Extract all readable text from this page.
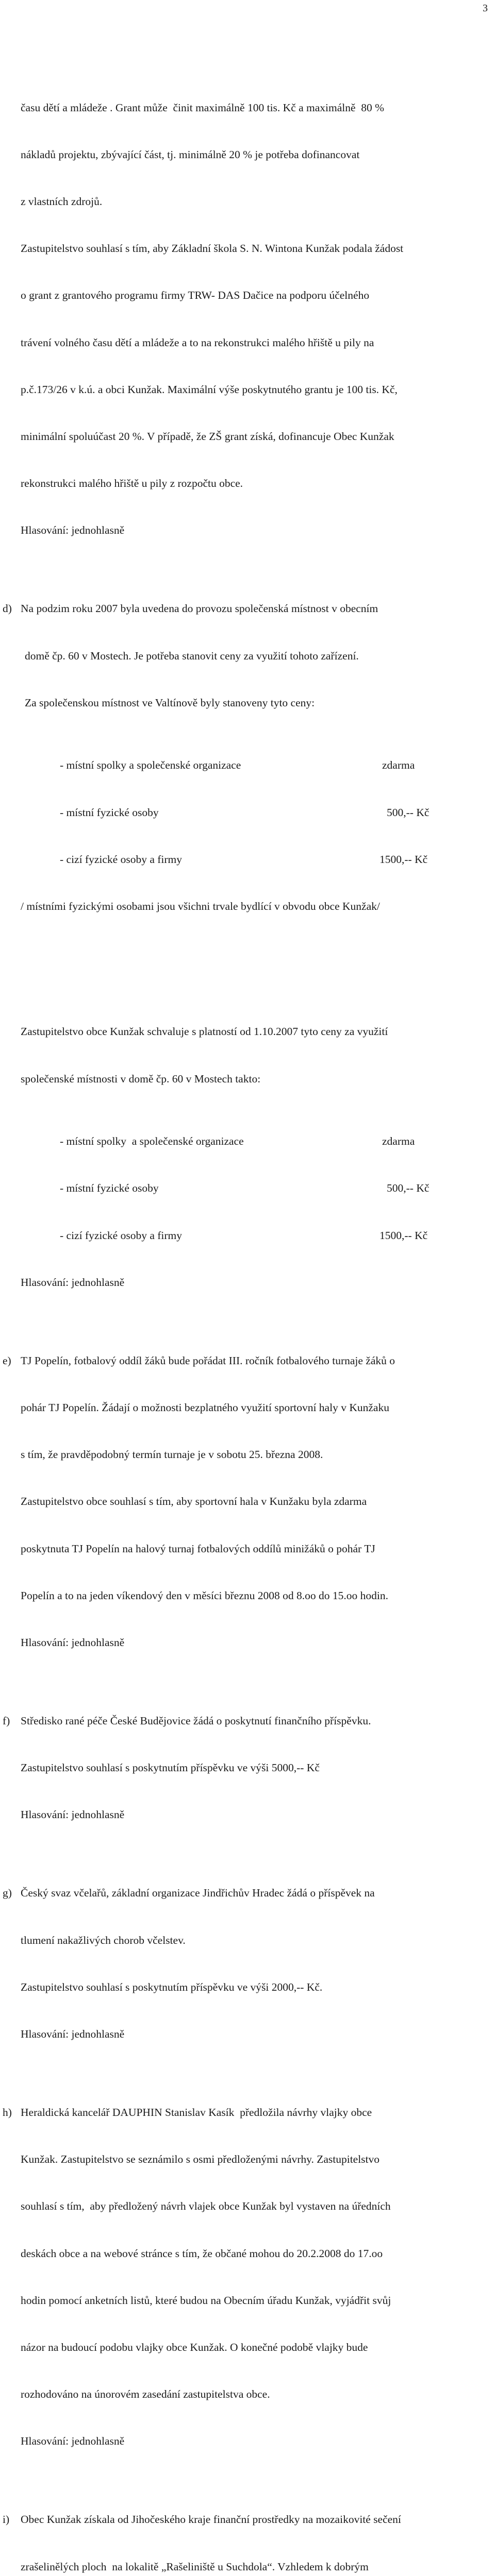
3

času dětí a mládeže . Grant může  činit maximálně 100 tis. Kč a maximálně  80 %

nákladů projektu, zbývající část, tj. minimálně 20 % je potřeba dofinancovat

z vlastních zdrojů.

Zastupitelstvo souhlasí s tím, aby Základní škola S. N. Wintona Kunžak podala žádost

o grant z grantového programu firmy TRW- DAS Dačice na podporu účelného

trávení volného času dětí a mládeže a to na rekonstrukci malého hřiště u pily na

p.č.173/26 v k.ú. a obci Kunžak. Maximální výše poskytnutého grantu je 100 tis. Kč,

minimální spoluúčast 20 %. V případě, že ZŠ grant získá, dofinancuje Obec Kunžak

rekonstrukci malého hřiště u pily z rozpočtu obce.

Hlasování: jednohlasně

d)

Na podzim roku 2007 byla uvedena do provozu společenská místnost v obecním

domě čp. 60 v Mostech. Je potřeba stanovit ceny za využití tohoto zařízení.

Za společenskou místnost ve Valtínově byly stanoveny tyto ceny:

- místní spolky a společenské organizace

	zdarma

- místní fyzické osoby

	500,-- Kč

- cizí fyzické osoby a firmy

	1500,-- Kč

/ místními fyzickými osobami jsou všichni trvale bydlící v obvodu obce Kunžak/

Zastupitelstvo obce Kunžak schvaluje s platností od 1.10.2007 tyto ceny za využití

společenské místnosti v domě čp. 60 v Mostech takto:

- místní spolky  a společenské organizace

	zdarma

- místní fyzické osoby

	500,-- Kč

- cizí fyzické osoby a firmy

	1500,-- Kč

Hlasování: jednohlasně

e)

TJ Popelín, fotbalový oddíl žáků bude pořádat III. ročník fotbalového turnaje žáků o

pohár TJ Popelín. Žádají o možnosti bezplatného využití sportovní haly v Kunžaku

s tím, že pravděpodobný termín turnaje je v sobotu 25. března 2008.

Zastupitelstvo obce souhlasí s tím, aby sportovní hala v Kunžaku byla zdarma

poskytnuta TJ Popelín na halový turnaj fotbalových oddílů minižáků o pohár TJ

Popelín a to na jeden víkendový den v měsíci březnu 2008 od 8.oo do 15.oo hodin.

Hlasování: jednohlasně

f)

Středisko rané péče České Budějovice žádá o poskytnutí finančního příspěvku.

Zastupitelstvo souhlasí s poskytnutím příspěvku ve výši 5000,-- Kč

Hlasování: jednohlasně

g)

Český svaz včelařů, základní organizace Jindřichův Hradec žádá o příspěvek na

tlumení nakažlivých chorob včelstev.

Zastupitelstvo souhlasí s poskytnutím příspěvku ve výši 2000,-- Kč.

Hlasování: jednohlasně

h)

Heraldická kancelář DAUPHIN Stanislav Kasík  předložila návrhy vlajky obce

Kunžak. Zastupitelstvo se seznámilo s osmi předloženými návrhy. Zastupitelstvo

souhlasí s tím,  aby předložený návrh vlajek obce Kunžak byl vystaven na úředních

deskách obce a na webové stránce s tím, že občané mohou do 20.2.2008 do 17.oo

hodin pomocí anketních listů, které budou na Obecním úřadu Kunžak, vyjádřit svůj

názor na budoucí podobu vlajky obce Kunžak. O konečné podobě vlajky bude

rozhodováno na únorovém zasedání zastupitelstva obce.

Hlasování: jednohlasně

i)

Obec Kunžak získala od Jihočeského kraje finanční prostředky na mozaikovité sečení

zrašelinělých ploch  na lokalitě „Rašeliniště u Suchdola“. Vzhledem k dobrým
